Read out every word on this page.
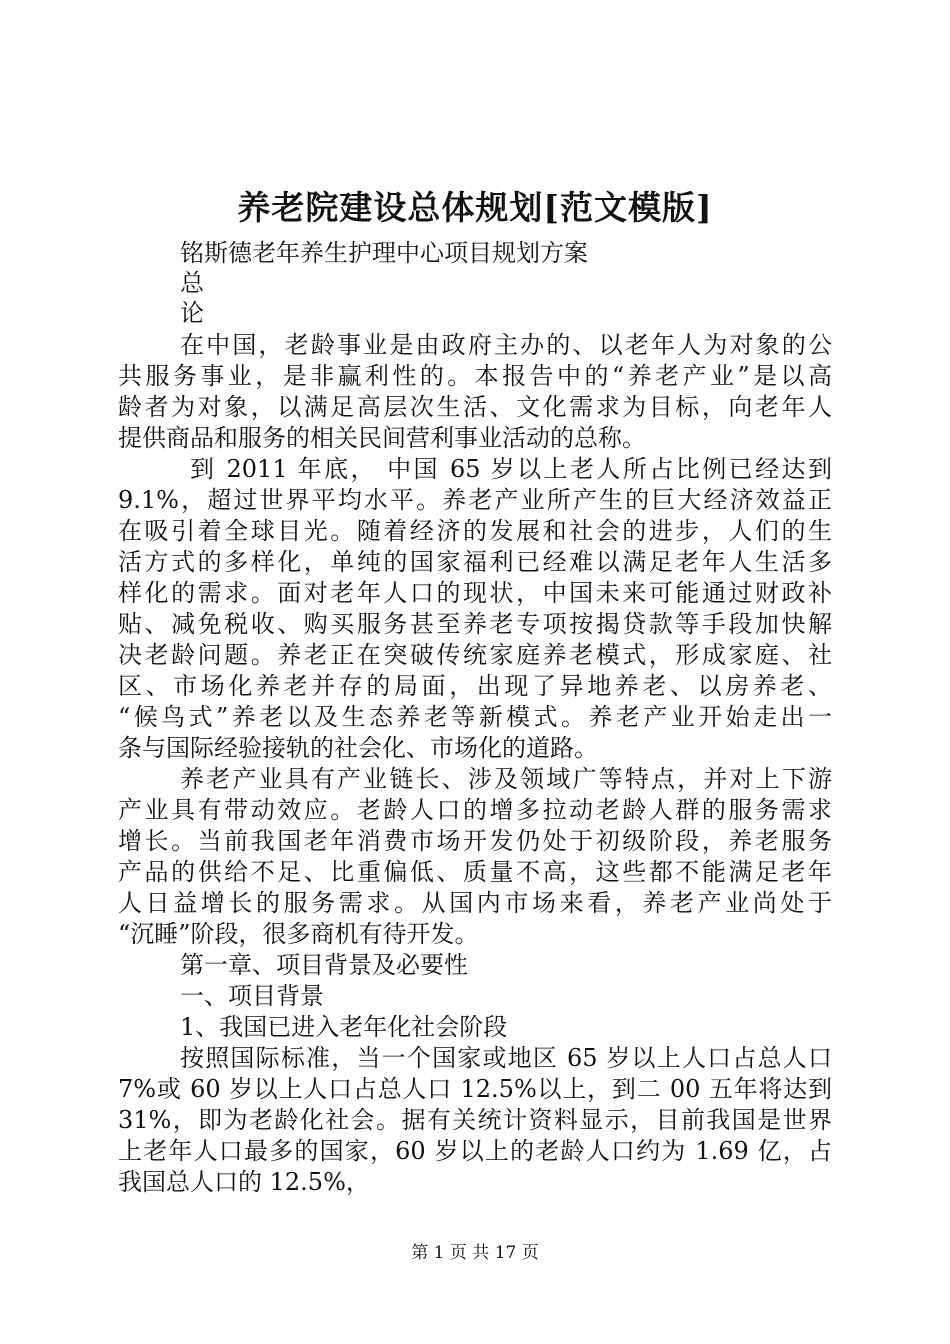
养老院建设总体规划[范文模版]
铭斯德老年养生护理中心项目规划方案
总
论
在中国，老龄事业是由政府主办的、以老年人为对象的公
共服务事业，是非赢利性的。本报告中的“养老产业”是以高
龄者为对象，以满足高层次生活、文化需求为目标，向老年人
提供商品和服务的相关民间营利事业活动的总称。
到 2011 年底， 中国 65 岁以上老人所占比例已经达到
9.1%，超过世界平均水平。养老产业所产生的巨大经济效益正
在吸引着全球目光。随着经济的发展和社会的进步，人们的生
活方式的多样化，单纯的国家福利已经难以满足老年人生活多
样化的需求。面对老年人口的现状，中国未来可能通过财政补
贴、减免税收、购买服务甚至养老专项按揭贷款等手段加快解
决老龄问题。养老正在突破传统家庭养老模式，形成家庭、社
区、市场化养老并存的局面，出现了异地养老、以房养老、
“候鸟式”养老以及生态养老等新模式。养老产业开始走出一
条与国际经验接轨的社会化、市场化的道路。
养老产业具有产业链长、涉及领域广等特点，并对上下游
产业具有带动效应。老龄人口的增多拉动老龄人群的服务需求
增长。当前我国老年消费市场开发仍处于初级阶段，养老服务
产品的供给不足、比重偏低、质量不高，这些都不能满足老年
人日益增长的服务需求。从国内市场来看，养老产业尚处于
“沉睡”阶段，很多商机有待开发。
第一章、项目背景及必要性
一、项目背景
1、我国已进入老年化社会阶段
按照国际标准，当一个国家或地区 65 岁以上人口占总人口
7%或 60 岁以上人口占总人口 12.5%以上，到二 00 五年将达到
31%，即为老龄化社会。据有关统计资料显示，目前我国是世界
上老年人口最多的国家，60 岁以上的老龄人口约为 1.69 亿，占
我国总人口的 12.5%，
第 1 页 共 17 页
